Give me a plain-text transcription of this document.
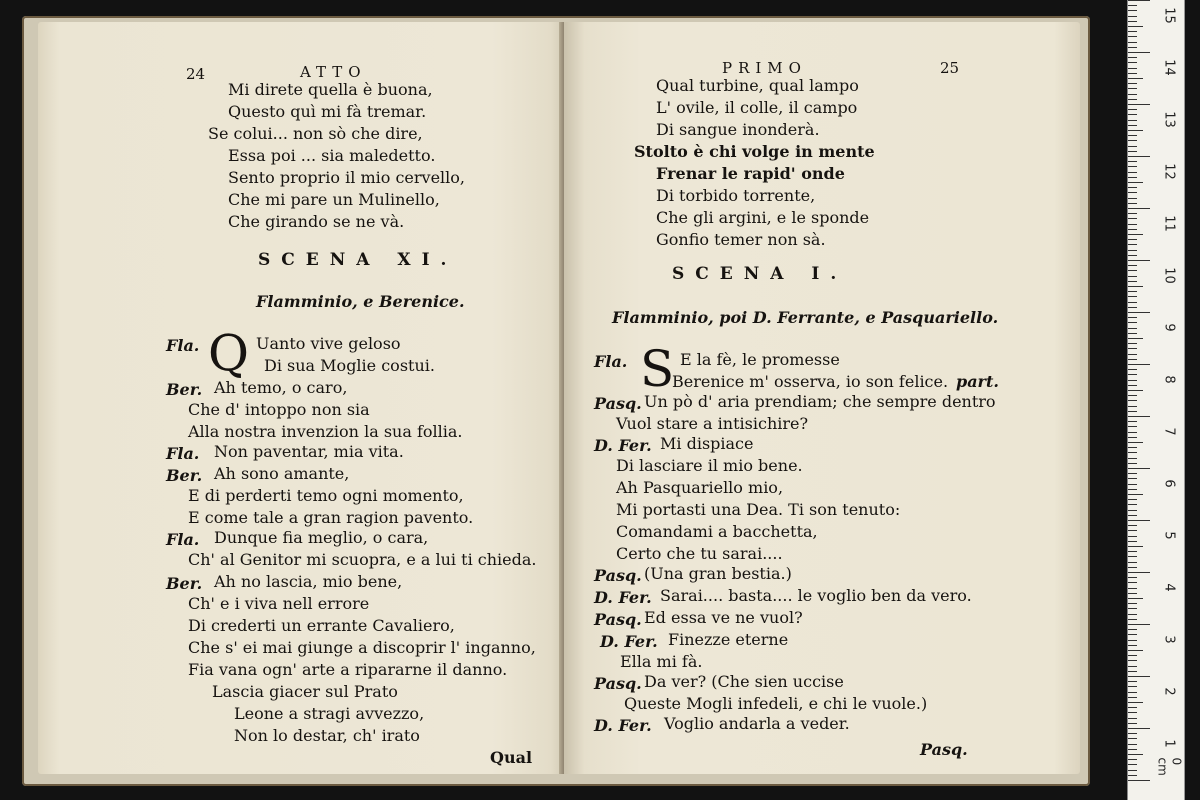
24	ATTO
Mi direte quella è buona,
Questo quì mi fà tremar.
Se colui... non sò che dire,
Essa poi ... sia maledetto.
Sento proprio il mio cervello,
Che mi pare un Mulinello,
Che girando se ne và.
SCENA XI.
Flamminio, e Berenice.
Fla. Q Uanto vive geloso
Di sua Moglie costui.
Ber. Ah temo, o caro,
Che d' intoppo non sia
Alla nostra invenzion la sua follia.
Fla. Non paventar, mia vita.
Ber. Ah sono amante,
E di perderti temo ogni momento,
E come tale a gran ragion pavento.
Fla. Dunque fia meglio, o cara,
Ch' al Genitor mi scuopra, e a lui ti chieda.
Ber. Ah no lascia, mio bene,
Ch' e i viva nell errore
Di crederti un errante Cavaliero,
Che s' ei mai giunge a discoprir l' inganno,
Fia vana ogn' arte a ripararne il danno.
Lascia giacer sul Prato
Leone a stragi avvezzo,
Non lo destar, ch' irato
Qual
PRIMO	25
Qual turbine, qual lampo
L' ovile, il colle, il campo
Di sangue inonderà.
Stolto è chi volge in mente
Frenar le rapid' onde
Di torbido torrente,
Che gli argini, e le sponde
Gonfio temer non sà.
SCENA I.
Flamminio, poi D. Ferrante, e Pasquariello.
Fla. S E la fè, le promesse
Berenice m' osserva, io son felice. part.
Pasq. Un pò d' aria prendiam; che sempre dentro
Vuol stare a intisichire?
D. Fer. Mi dispiace
Di lasciare il mio bene.
Ah Pasquariello mio,
Mi portasti una Dea. Ti son tenuto:
Comandami a bacchetta,
Certo che tu sarai....
Pasq. (Una gran bestia.)
D. Fer. Sarai.... basta.... le voglio ben da vero.
Pasq. Ed essa ve ne vuol?
D. Fer. Finezze eterne
Ella mi fà.
Pasq. Da ver? (Che sien uccise
Queste Mogli infedeli, e chi le vuole.)
D. Fer. Voglio andarla a veder.
Pasq.
15
14
13
12
11
10
9
8
7
6
5
4
3
2
1
0 cm
